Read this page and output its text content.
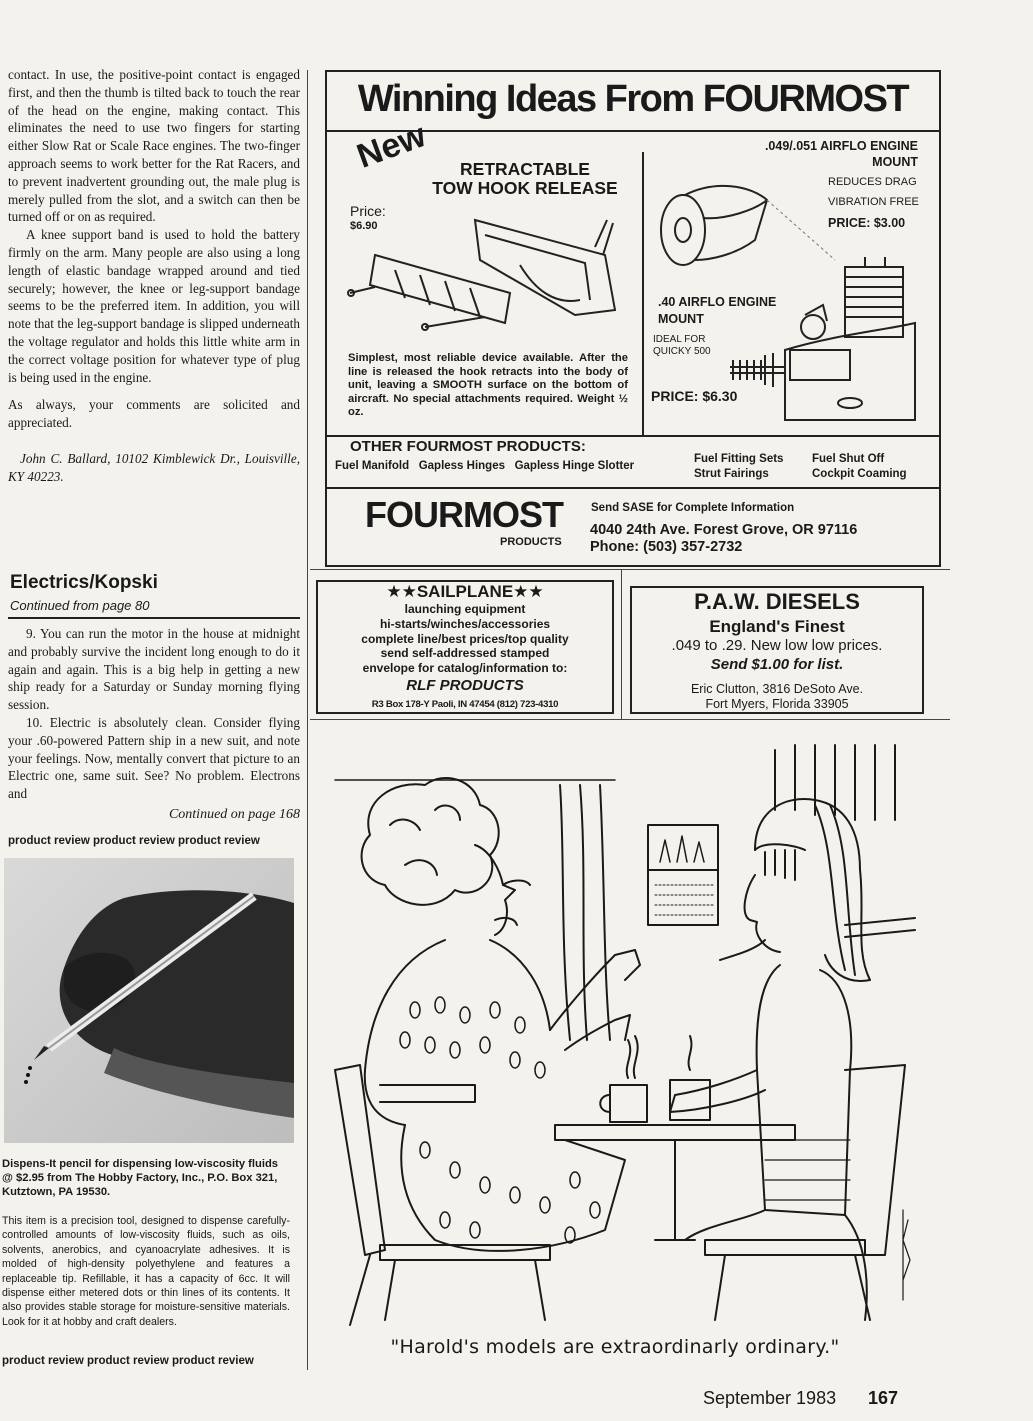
contact. In use, the positive-point contact is engaged first, and then the thumb is tilted back to touch the rear of the head on the engine, making contact. This eliminates the need to use two fingers for starting either Slow Rat or Scale Race engines. The two-finger approach seems to work better for the Rat Racers, and to prevent inadvertent grounding out, the male plug is merely pulled from the slot, and a switch can then be turned off or on as required.

A knee support band is used to hold the battery firmly on the arm. Many people are also using a long length of elastic bandage wrapped around and tied securely; however, the knee or leg-support bandage seems to be the preferred item. In addition, you will note that the leg-support bandage is slipped underneath the voltage regulator and holds this little white arm in the correct voltage position for whatever type of plug is being used in the engine.

As always, your comments are solicited and appreciated.

John C. Ballard, 10102 Kimblewick Dr., Louisville, KY 40223.

Electrics/Kopski
Continued from page 80

9. You can run the motor in the house at midnight and probably survive the incident long enough to do it again and again. This is a big help in getting a new ship ready for a Saturday or Sunday morning flying session.

10. Electric is absolutely clean. Consider flying your .60-powered Pattern ship in a new suit, and note your feelings. Now, mentally convert that picture to an Electric one, same suit. See? No problem. Electrons and

Continued on page 168

product review product review product review
Dispens-It pencil for dispensing low-viscosity fluids @ $2.95 from The Hobby Factory, Inc., P.O. Box 321, Kutztown, PA 19530.
This item is a precision tool, designed to dispense carefully-controlled amounts of low-viscosity fluids, such as oils, solvents, anerobics, and cyanoacrylate adhesives. It is molded of high-density polyethylene and features a replaceable tip. Refillable, it has a capacity of 6cc. It will dispense either metered dots or thin lines of its contents. It also provides stable storage for moisture-sensitive materials. Look for it at hobby and craft dealers.
product review product review product review
Winning Ideas From FOURMOST
New	RETRACTABLE
TOW HOOK RELEASE
Price:
$6.90
Simplest, most reliable device available. After the line is released the hook retracts into the body of unit, leaving a SMOOTH surface on the bottom of aircraft. No special attachments required. Weight ½ oz.
.049/.051 AIRFLO ENGINE
MOUNT
REDUCES DRAG
VIBRATION FREE
PRICE: $3.00
.40 AIRFLO ENGINE
MOUNT
IDEAL FOR
QUICKY 500
PRICE: $6.30
OTHER FOURMOST PRODUCTS:
Fuel Manifold Gapless Hinges Gapless Hinge Slotter
Fuel Fitting Sets
Strut Fairings
Fuel Shut Off
Cockpit Coaming
FOURMOST
PRODUCTS
Send SASE for Complete Information
4040 24th Ave. Forest Grove, OR 97116
Phone: (503) 357-2732
★★SAILPLANE★★
launching equipment
hi-starts/winches/accessories
complete line/best prices/top quality
send self-addressed stamped
envelope for catalog/information to:
RLF PRODUCTS
R3 Box 178-Y Paoli, IN 47454 (812) 723-4310
P.A.W. DIESELS
England's Finest
.049 to .29. New low low prices.
Send $1.00 for list.
Eric Clutton, 3816 DeSoto Ave.
Fort Myers, Florida 33905
"Harold's models are extraordinarly ordinary."
September 1983 167
